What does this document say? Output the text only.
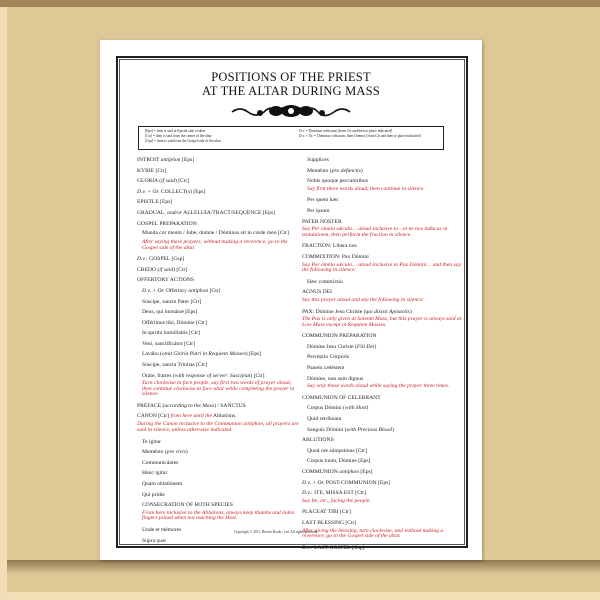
POSITIONS OF THE PRIEST
AT THE ALTAR DURING MASS
[Eps] = item is said at Epistle side of altar
[Ctr] = item is said from the center of the altar
[Gsp] = item is said from the Gospel side of the altar
D.v. = Dominus vobiscum [from Ctr and then to place indicated]
D.v. + Or. = Dominus vobiscum, then Oremus [from Ctr and then to place indicated]
INTROIT antiphon [Eps]
KYRIE [Ctr]
GLORIA (if said) [Ctr]
D.v. + Or. COLLECT(s) [Eps]
EPISTLE [Eps]
GRADUAL, and/or ALLELUIA/TRACT/SEQUENCE [Eps]
GOSPEL PREPARATION
Munda cor meum / Jube, domne / Dóminus sit in corde meo [Ctr]
After saying these prayers, without making a reverence, go to the Gospel side of the altar.
D.v.: GOSPEL [Gsp]
CREDO (if said) [Ctr]
OFFERTORY ACTIONS
D.v. + Or. Offertory antiphon [Ctr]
Súscipe, sancte Pater [Ctr]
Deus, qui humánæ [Eps]
Offérimus tibi, Dómine [Ctr]
In spíritu humilitátis [Ctr]
Veni, sanctificátor [Ctr]
Lavábo (omit Glória Patri in Requiem Masses) [Eps]
Súscipe, sancta Trínitas [Ctr]
Oráte, fratres (with response of server: Suscípiat) [Ctr]
Turn clockwise to face people, say first two words of prayer aloud, then continue clockwise to face altar while completing the prayer in silence.
PREFACE (according to the Mass) / SANCTUS
CANON [Ctr] from here until the Ablutions.
During the Canon inclusive to the Communion antiphon, all prayers are said in silence, unless otherwise indicated.
Te igitur
Meménto (pro vivis)
Communicántes
Hanc igitur
Quam oblatiónem
Qui prídie
CONSECRATION OF BOTH SPECIES
From here inclusive to the Ablutions, always keep thumbs and index fingers joined when not touching the Host.
Unde et mémores
Supra quæ
Súpplices
Meménto (pro defunctis)
Nobis quoque peccatóribus
Say first three words aloud, then continue in silence.
Per quem hæc
Per ipsum
PATER NOSTER
Say Per ómnia sǽcula… aloud inclusive to…et ne nos indúcas in tentatiónem, then perform the fraction in silence.
FRACTION: Líbera nos
COMMIXTION: Pax Dómini
Say Per ómnia sǽcula… aloud inclusive to Pax Dómini… and then say the following in silence:
Hæc commíxtio
AGNUS DEI
Say this prayer aloud and say the following in silence:
PAX: Dómine Jesu Christe (qui dixísti Apóstolis)
The Pax is only given at Solemn Mass, but this prayer is always said at Low Mass except in Requiem Masses.
COMMUNION PREPARATION
Dómine Jesu Christe (Fili Dei)
Percéptio Córporis
Panem cæléstem
Dómine, non sum dignus
Say only these words aloud while saying the prayer three times.
COMMUNION OF CELEBRANT
Corpus Dómini (with Host)
Quid retríbuam
Sanguis Dómini (with Precious Blood)
ABLUTIONS
Quod ore súmpsimus [Ctr]
Corpus tuum, Dómine [Eps]
COMMUNION antiphon [Eps]
D.v. + Or. POST-COMMUNION [Eps]
D.v.: ITE, MISSA EST [Ctr]
Say Ite, etc., facing the people.
PLACEAT TIBI [Ctr]
LAST BLESSING [Ctr]
After giving the blessing, turn clockwise, and without making a reverence, go to the Gospel side of the altar.
D.v.: LAST GOSPEL [Gsp]
Copyright © 2011. Biretta Books, Ltd. All rights reserved.
